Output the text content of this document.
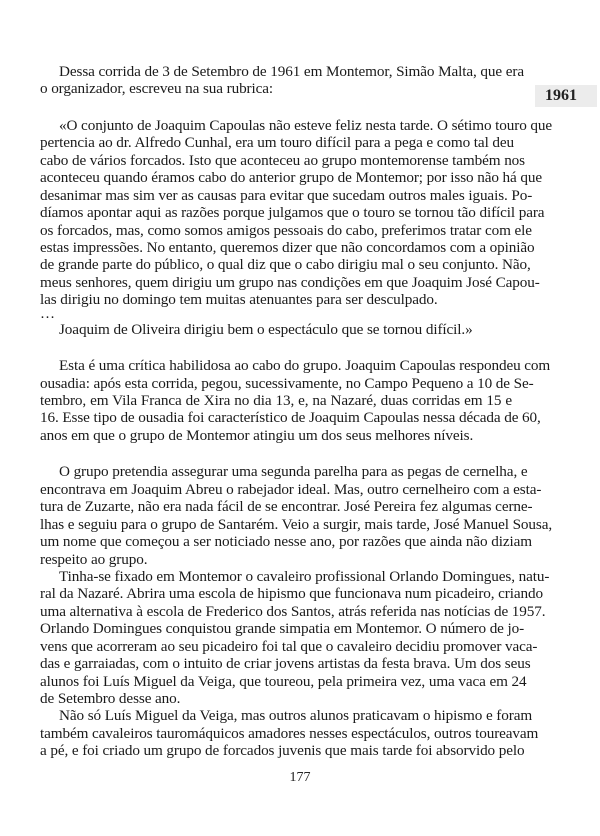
1961
Dessa corrida de 3 de Setembro de 1961 em Montemor, Simão Malta, que era
o organizador, escreveu na sua rubrica:
«O conjunto de Joaquim Capoulas não esteve feliz nesta tarde. O sétimo touro que
pertencia ao dr. Alfredo Cunhal, era um touro difícil para a pega e como tal deu
cabo de vários forcados. Isto que aconteceu ao grupo montemorense também nos
aconteceu quando éramos cabo do anterior grupo de Montemor; por isso não há que
desanimar mas sim ver as causas para evitar que sucedam outros males iguais. Po-
díamos apontar aqui as razões porque julgamos que o touro se tornou tão difícil para
os forcados, mas, como somos amigos pessoais do cabo, preferimos tratar com ele
estas impressões. No entanto, queremos dizer que não concordamos com a opinião
de grande parte do público, o qual diz que o cabo dirigiu mal o seu conjunto. Não,
meus senhores, quem dirigiu um grupo nas condições em que Joaquim José Capou-
las dirigiu no domingo tem muitas atenuantes para ser desculpado.
…
Joaquim de Oliveira dirigiu bem o espectáculo que se tornou difícil.»
Esta é uma crítica habilidosa ao cabo do grupo. Joaquim Capoulas respondeu com
ousadia: após esta corrida, pegou, sucessivamente, no Campo Pequeno a 10 de Se-
tembro, em Vila Franca de Xira no dia 13, e, na Nazaré, duas corridas em 15 e
16. Esse tipo de ousadia foi característico de Joaquim Capoulas nessa década de 60,
anos em que o grupo de Montemor atingiu um dos seus melhores níveis.
O grupo pretendia assegurar uma segunda parelha para as pegas de cernelha, e
encontrava em Joaquim Abreu o rabejador ideal. Mas, outro cernelheiro com a esta-
tura de Zuzarte, não era nada fácil de se encontrar. José Pereira fez algumas cerne-
lhas e seguiu para o grupo de Santarém. Veio a surgir, mais tarde, José Manuel Sousa,
um nome que começou a ser noticiado nesse ano, por razões que ainda não diziam
respeito ao grupo.
Tinha-se fixado em Montemor o cavaleiro profissional Orlando Domingues, natu-
ral da Nazaré. Abrira uma escola de hipismo que funcionava num picadeiro, criando
uma alternativa à escola de Frederico dos Santos, atrás referida nas notícias de 1957.
Orlando Domingues conquistou grande simpatia em Montemor. O número de jo-
vens que acorreram ao seu picadeiro foi tal que o cavaleiro decidiu promover vaca-
das e garraiadas, com o intuito de criar jovens artistas da festa brava. Um dos seus
alunos foi Luís Miguel da Veiga, que toureou, pela primeira vez, uma vaca em 24
de Setembro desse ano.
Não só Luís Miguel da Veiga, mas outros alunos praticavam o hipismo e foram
também cavaleiros tauromáquicos amadores nesses espectáculos, outros toureavam
a pé, e foi criado um grupo de forcados juvenis que mais tarde foi absorvido pelo
177
